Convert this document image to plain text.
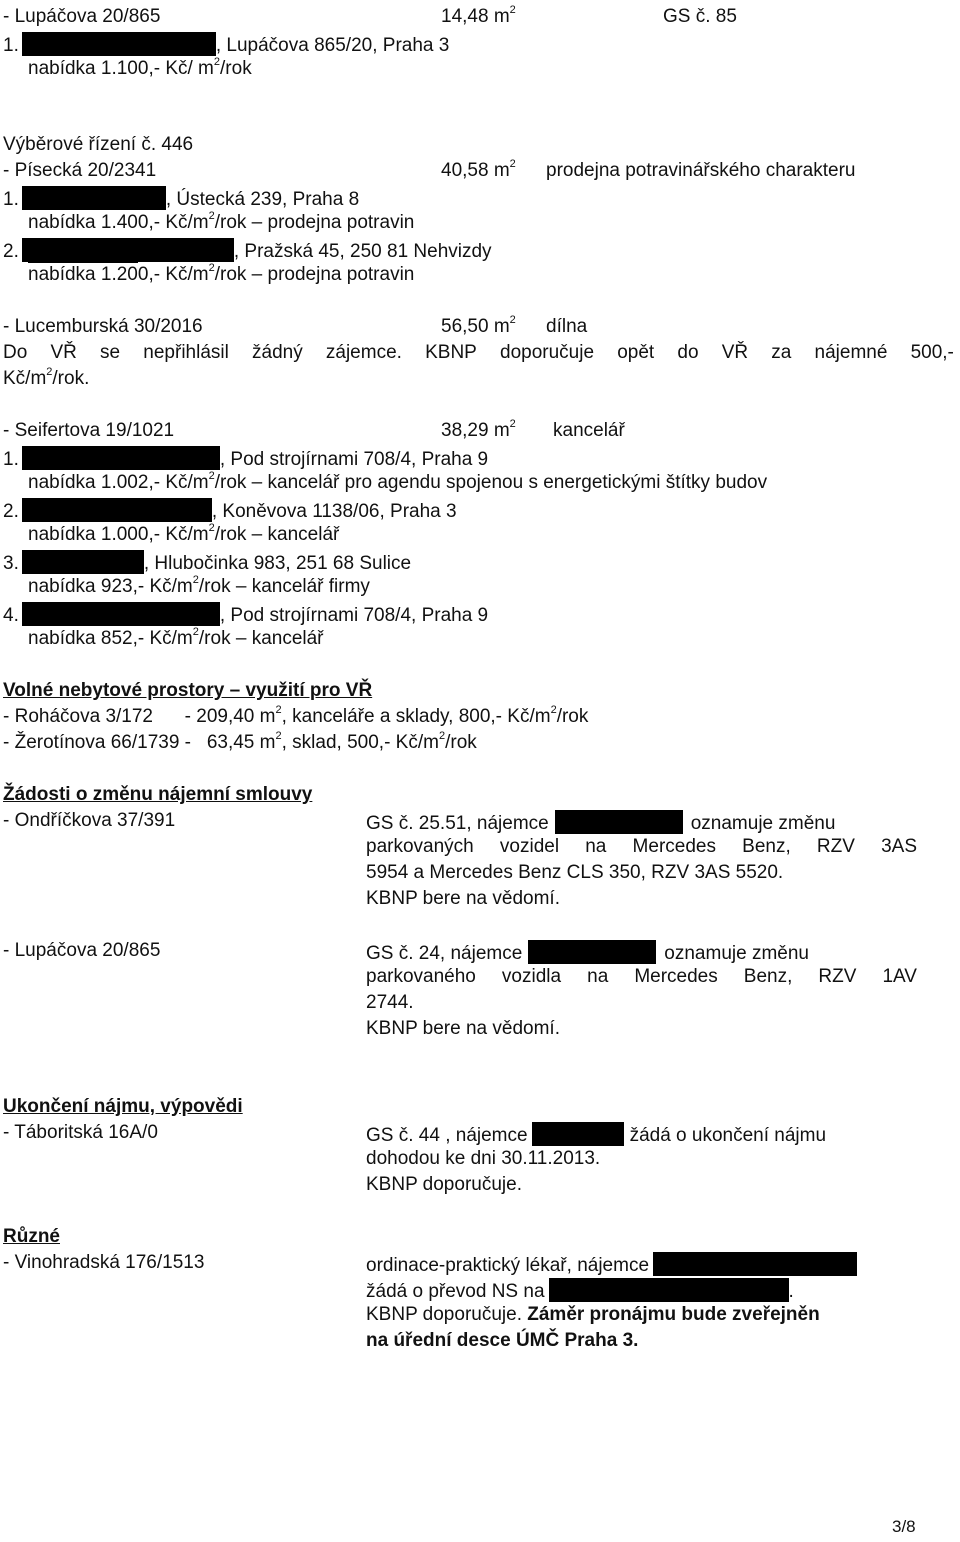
- Lupáčova 20/865	14,48 $m^2$	GS č. 85
1.	, Lupáčova 865/20, Praha 3
nabídka 1.100,- Kč/ $m^2$/rok
Výběrové řízení č. 446
- Písecká 20/2341	40,58 $m^2$ prodejna potravinářského charakteru
1.	, Ústecká 239, Praha 8
nabídka 1.400,- $Kč/m^2$/rok – prodejna potravin
2.	, Pražská 45, 250 81 Nehvizdy
nabídka 1.200,- $Kč/m^2$/rok – prodejna potravin
- Lucemburská 30/2016	56,50 $m^2$ dílna
Do VŘ se nepřihlásil žádný zájemce. KBNP doporučuje opět do VŘ za nájemné 500,-
$Kč/m^2$/rok.
- Seifertova 19/1021	38,29 $m^2$ kancelář
1.	, Pod strojírnami 708/4, Praha 9
nabídka 1.002,- $Kč/m^2$/rok – kancelář pro agendu spojenou s energetickými štítky budov
2.	, Koněvova 1138/06, Praha 3
nabídka 1.000,- $Kč/m^2$/rok – kancelář
3.	, Hlubočinka 983, 251 68 Sulice
nabídka 923,- $Kč/m^2$/rok – kancelář firmy
4.	, Pod strojírnami 708/4, Praha 9
nabídka 852,- $Kč/m^2$/rok – kancelář
Volné nebytové prostory – využití pro VŘ
- Roháčova 3/172      - 209,40 $m^2$, kanceláře a sklady, 800,- $Kč/m^2$/rok
- Žerotínova 66/1739 -   63,45 $m^2$, sklad, 500,- $Kč/m^2$/rok
Žádosti o změnu nájemní smlouvy
- Ondříčkova 37/391	GS č. 25.51, nájemce	oznamuje změnu
parkovaných vozidel na Mercedes Benz, RZV 3AS
5954 a Mercedes Benz CLS 350, RZV 3AS 5520.
KBNP bere na vědomí.
- Lupáčova 20/865	GS č. 24, nájemce	oznamuje změnu
parkovaného vozidla na Mercedes Benz, RZV 1AV
2744.
KBNP bere na vědomí.
Ukončení nájmu, výpovědi
- Táboritská 16A/0	GS č. 44 , nájemce	žádá o ukončení nájmu
dohodou ke dni 30.11.2013.
KBNP doporučuje.
Různé
- Vinohradská 176/1513	ordinace-praktický lékař, nájemce
žádá o převod NS na	.
KBNP doporučuje. Záměr pronájmu bude zveřejněn
na úřední desce ÚMČ Praha 3.
3/8
